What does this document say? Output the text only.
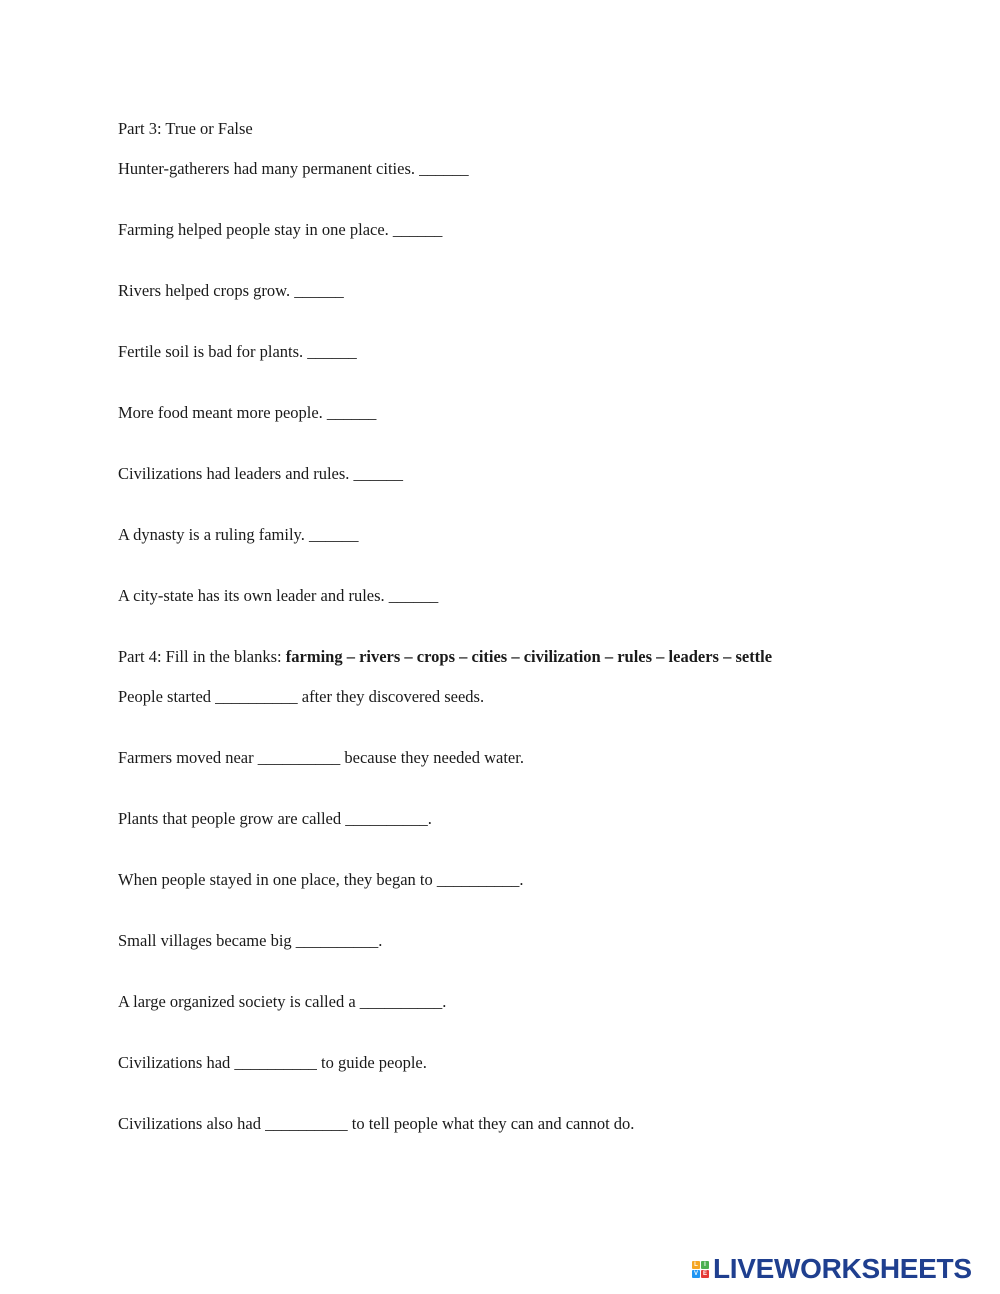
Part 3: True or False
Hunter-gatherers had many permanent cities. ______
Farming helped people stay in one place. ______
Rivers helped crops grow. ______
Fertile soil is bad for plants. ______
More food meant more people. ______
Civilizations had leaders and rules. ______
A dynasty is a ruling family. ______
A city-state has its own leader and rules. ______
Part 4: Fill in the blanks: farming – rivers – crops – cities – civilization – rules – leaders – settle
People started __________ after they discovered seeds.
Farmers moved near __________ because they needed water.
Plants that people grow are called __________.
When people stayed in one place, they began to __________.
Small villages became big __________.
A large organized society is called a __________.
Civilizations had __________ to guide people.
Civilizations also had __________ to tell people what they can and cannot do.
L	I
V E LIVEWORKSHEETS
